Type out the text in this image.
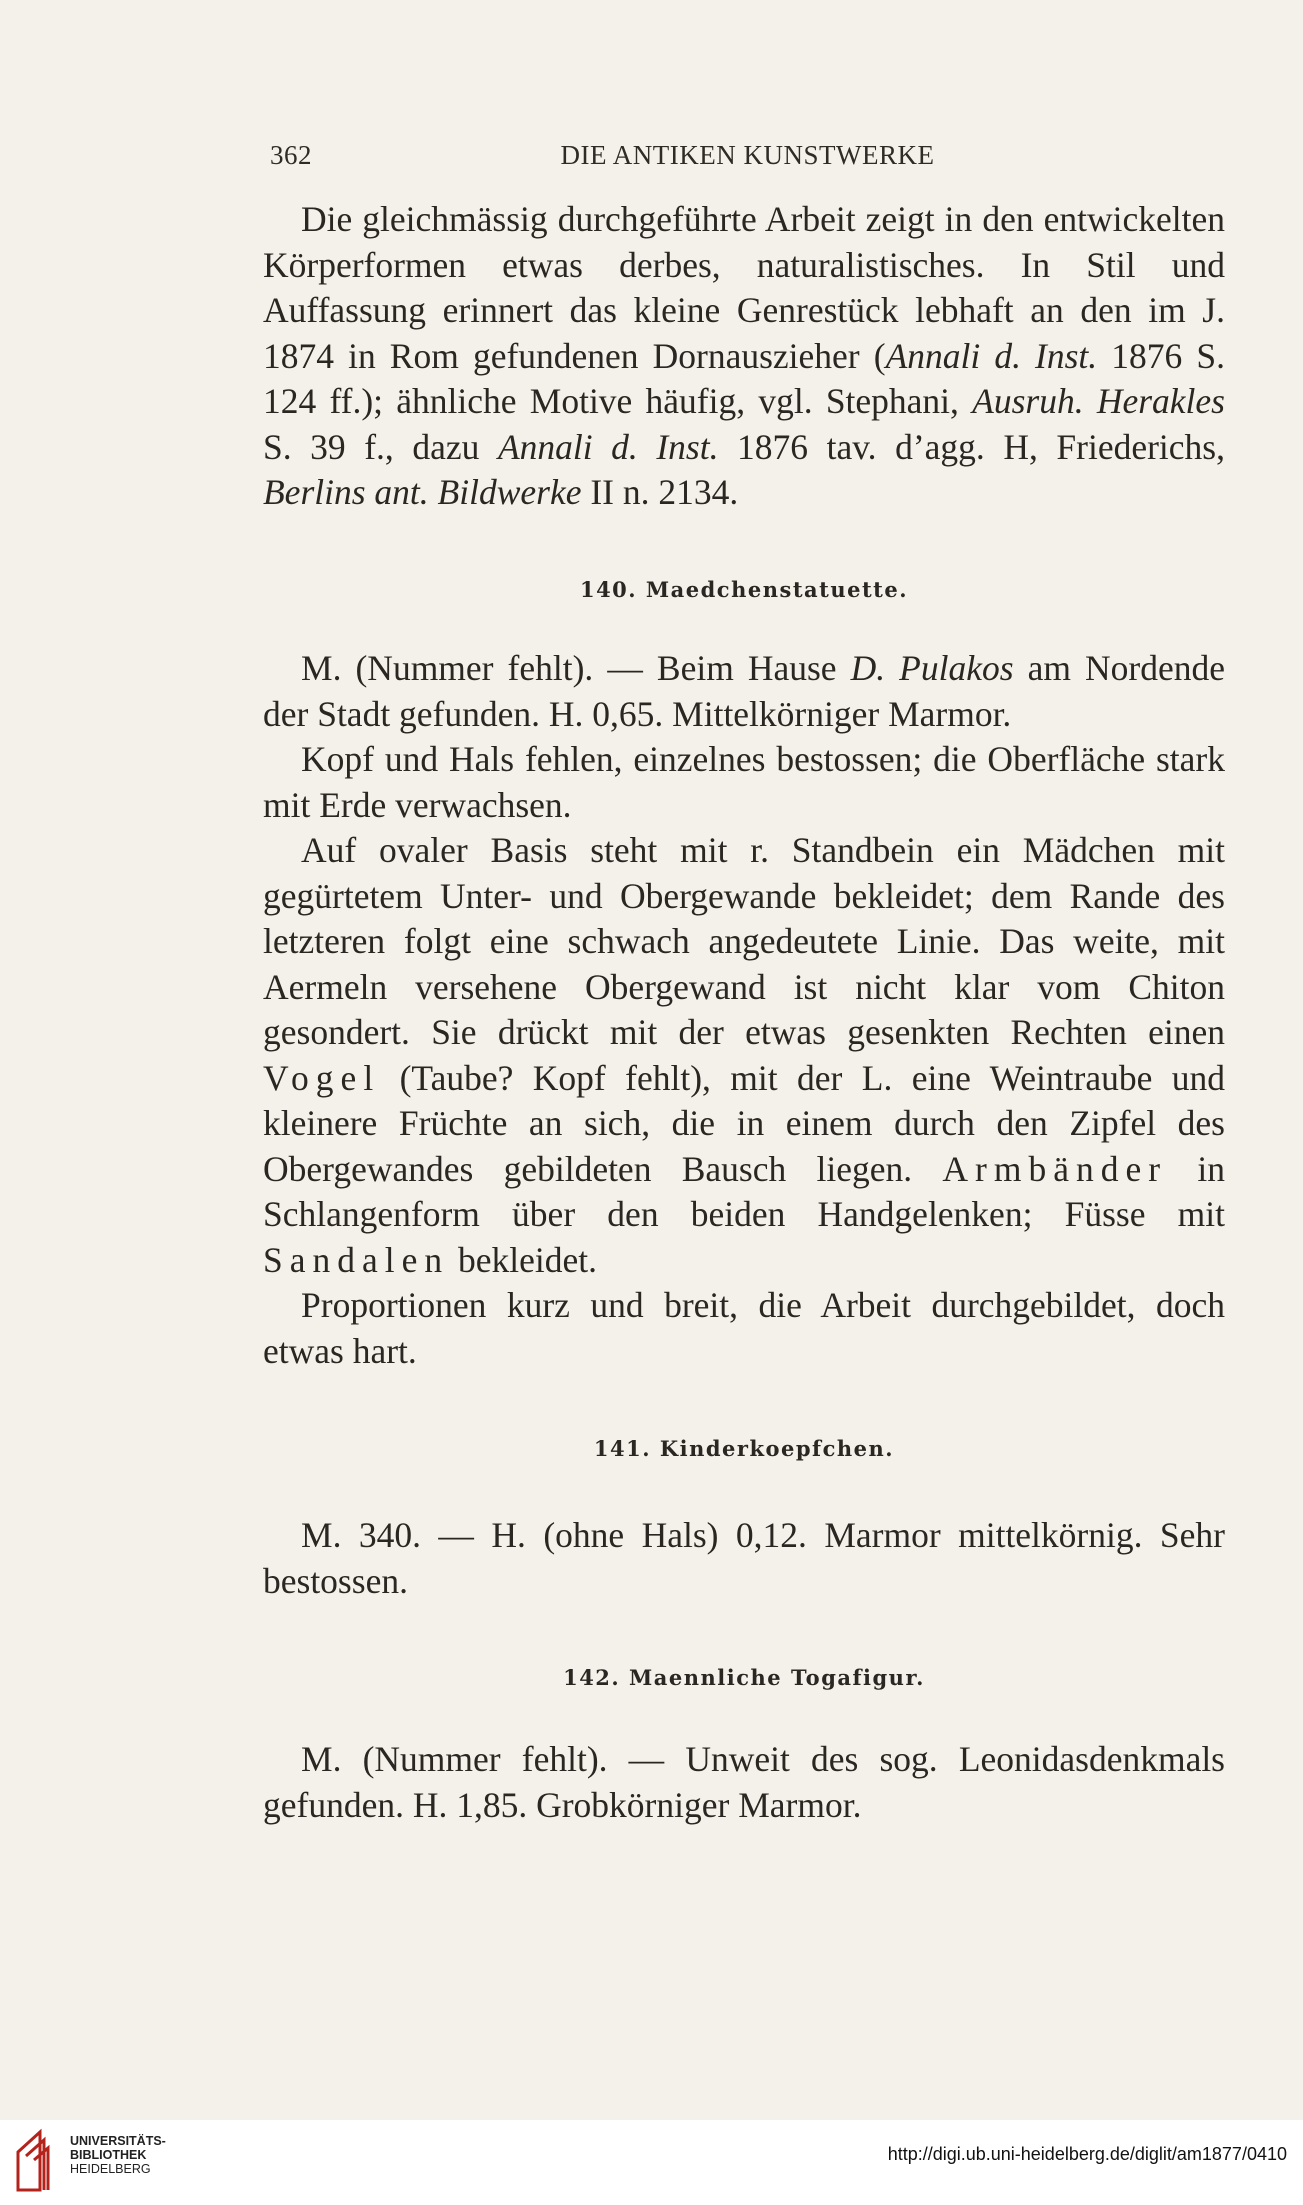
362	DIE ANTIKEN KUNSTWERKE

Die gleichmässig durchgeführte Arbeit zeigt in den entwickelten Körperformen etwas derbes, naturalistisches. In Stil und Auffassung erinnert das kleine Genrestück lebhaft an den im J. 1874 in Rom gefundenen Dornauszieher (Annali d. Inst. 1876 S. 124 ff.); ähnliche Motive häufig, vgl. Stephani, Ausruh. Herakles S. 39 f., dazu Annali d. Inst. 1876 tav. d’agg. H, Friederichs, Berlins ant. Bildwerke II n. 2134.

140. Maedchenstatuette.

M. (Nummer fehlt). — Beim Hause D. Pulakos am Nordende der Stadt gefunden. H. 0,65. Mittelkörniger Marmor.

Kopf und Hals fehlen, einzelnes bestossen; die Oberfläche stark mit Erde verwachsen.

Auf ovaler Basis steht mit r. Standbein ein Mädchen mit gegürtetem Unter- und Obergewande bekleidet; dem Rande des letzteren folgt eine schwach angedeutete Linie. Das weite, mit Aermeln versehene Obergewand ist nicht klar vom Chiton gesondert. Sie drückt mit der etwas gesenkten Rechten einen Vogel (Taube? Kopf fehlt), mit der L. eine Weintraube und kleinere Früchte an sich, die in einem durch den Zipfel des Obergewandes gebildeten Bausch liegen. Armbänder in Schlangenform über den beiden Handgelenken; Füsse mit Sandalen bekleidet.

Proportionen kurz und breit, die Arbeit durchgebildet, doch etwas hart.

141. Kinderkoepfchen.

M. 340. — H. (ohne Hals) 0,12. Marmor mittelkörnig. Sehr bestossen.

142. Maennliche Togafigur.

M. (Nummer fehlt). — Unweit des sog. Leonidasdenkmals gefunden. H. 1,85. Grobkörniger Marmor.

UNIVERSITÄTS-
BIBLIOTHEK
HEIDELBERG
http://digi.ub.uni-heidelberg.de/diglit/am1877/0410
